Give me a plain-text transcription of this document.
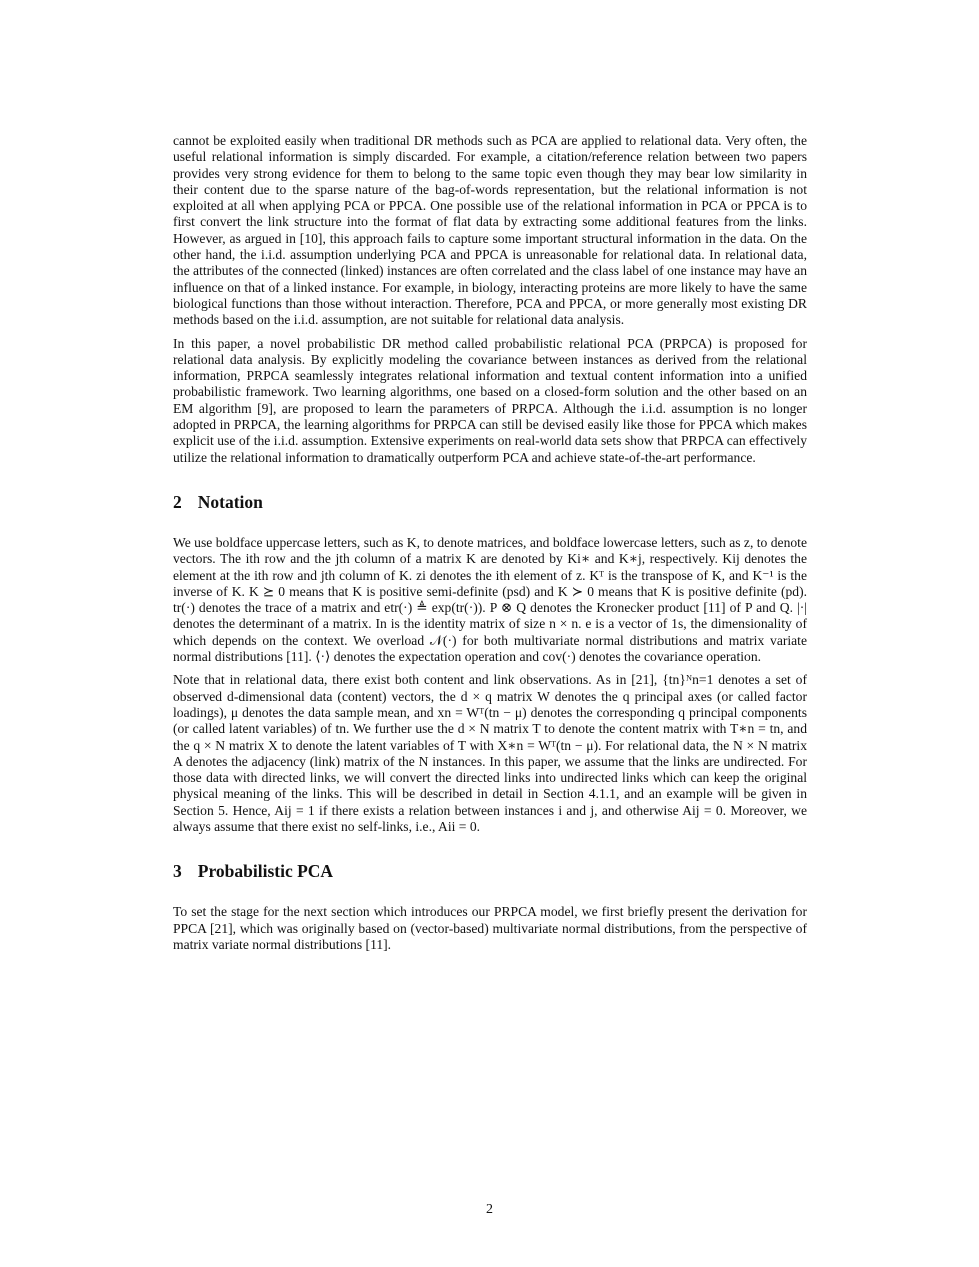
cannot be exploited easily when traditional DR methods such as PCA are applied to relational data. Very often, the useful relational information is simply discarded. For example, a citation/reference relation between two papers provides very strong evidence for them to belong to the same topic even though they may bear low similarity in their content due to the sparse nature of the bag-of-words representation, but the relational information is not exploited at all when applying PCA or PPCA. One possible use of the relational information in PCA or PPCA is to first convert the link structure into the format of flat data by extracting some additional features from the links. However, as argued in [10], this approach fails to capture some important structural information in the data. On the other hand, the i.i.d. assumption underlying PCA and PPCA is unreasonable for relational data. In relational data, the attributes of the connected (linked) instances are often correlated and the class label of one instance may have an influence on that of a linked instance. For example, in biology, interacting proteins are more likely to have the same biological functions than those without interaction. Therefore, PCA and PPCA, or more generally most existing DR methods based on the i.i.d. assumption, are not suitable for relational data analysis.

In this paper, a novel probabilistic DR method called probabilistic relational PCA (PRPCA) is proposed for relational data analysis. By explicitly modeling the covariance between instances as derived from the relational information, PRPCA seamlessly integrates relational information and textual content information into a unified probabilistic framework. Two learning algorithms, one based on a closed-form solution and the other based on an EM algorithm [9], are proposed to learn the parameters of PRPCA. Although the i.i.d. assumption is no longer adopted in PRPCA, the learning algorithms for PRPCA can still be devised easily like those for PPCA which makes explicit use of the i.i.d. assumption. Extensive experiments on real-world data sets show that PRPCA can effectively utilize the relational information to dramatically outperform PCA and achieve state-of-the-art performance.

2 Notation

We use boldface uppercase letters, such as K, to denote matrices, and boldface lowercase letters, such as z, to denote vectors. The ith row and the jth column of a matrix K are denoted by Ki∗ and K∗j, respectively. Kij denotes the element at the ith row and jth column of K. zi denotes the ith element of z. Kᵀ is the transpose of K, and K⁻¹ is the inverse of K. K ⪰ 0 means that K is positive semi-definite (psd) and K ≻ 0 means that K is positive definite (pd). tr(·) denotes the trace of a matrix and etr(·) ≜ exp(tr(·)). P ⊗ Q denotes the Kronecker product [11] of P and Q. |·| denotes the determinant of a matrix. In is the identity matrix of size n × n. e is a vector of 1s, the dimensionality of which depends on the context. We overload 𝒩(·) for both multivariate normal distributions and matrix variate normal distributions [11]. ⟨·⟩ denotes the expectation operation and cov(·) denotes the covariance operation.

Note that in relational data, there exist both content and link observations. As in [21], {tn}ᴺn=1 denotes a set of observed d-dimensional data (content) vectors, the d × q matrix W denotes the q principal axes (or called factor loadings), μ denotes the data sample mean, and xn = Wᵀ(tn − μ) denotes the corresponding q principal components (or called latent variables) of tn. We further use the d × N matrix T to denote the content matrix with T∗n = tn, and the q × N matrix X to denote the latent variables of T with X∗n = Wᵀ(tn − μ). For relational data, the N × N matrix A denotes the adjacency (link) matrix of the N instances. In this paper, we assume that the links are undirected. For those data with directed links, we will convert the directed links into undirected links which can keep the original physical meaning of the links. This will be described in detail in Section 4.1.1, and an example will be given in Section 5. Hence, Aij = 1 if there exists a relation between instances i and j, and otherwise Aij = 0. Moreover, we always assume that there exist no self-links, i.e., Aii = 0.

3 Probabilistic PCA

To set the stage for the next section which introduces our PRPCA model, we first briefly present the derivation for PPCA [21], which was originally based on (vector-based) multivariate normal distributions, from the perspective of matrix variate normal distributions [11].

2
